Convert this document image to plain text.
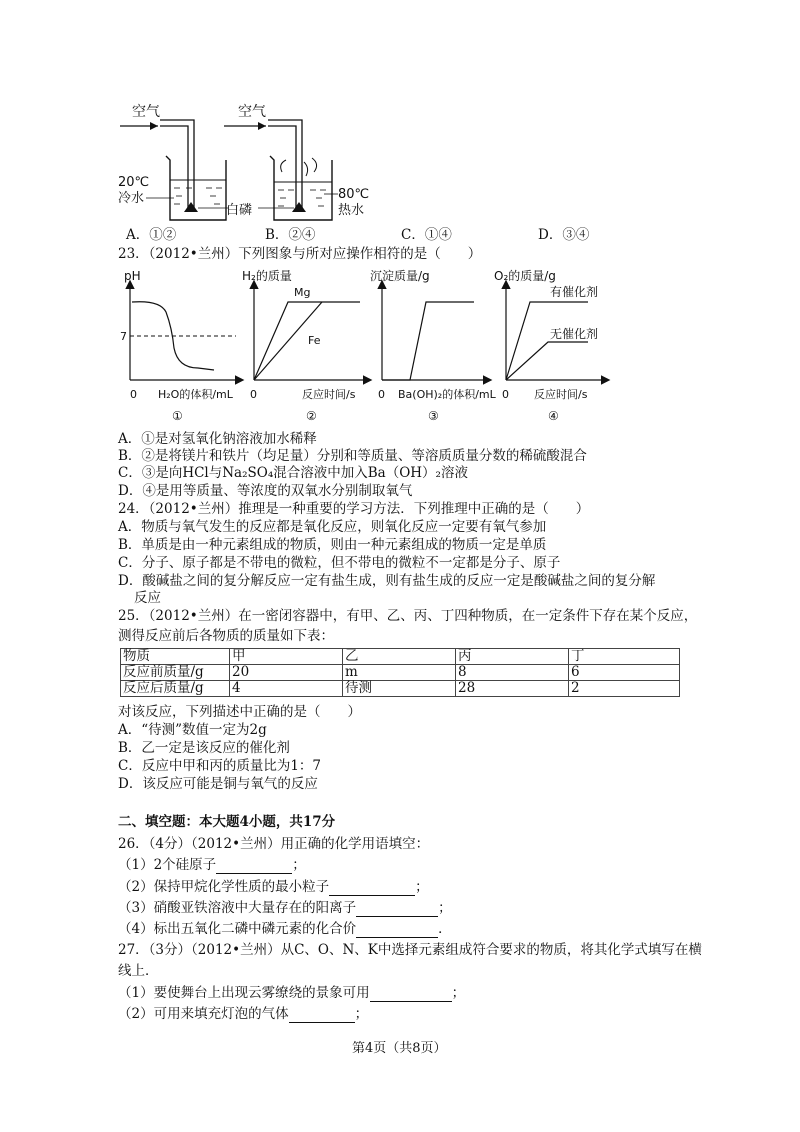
空气
20℃
冷水
空气
白磷
80℃
热水
A．①②	B．②④	C．①④	D．③④
23．（2012•兰州）下列图象与所对应操作相符的是（　　）
pH
7
0 H₂O的体积/mL
①
H₂的质量
Mg
Fe
0	反应时间/s
②
沉淀质量/g
0 Ba(OH)₂的体积/mL
③
O₂的质量/g
有催化剂
无催化剂
0 反应时间/s
④
A．①是对氢氧化钠溶液加水稀释
B．②是将镁片和铁片（均足量）分别和等质量、等溶质质量分数的稀硫酸混合
C．③是向HCl与Na₂SO₄混合溶液中加入Ba（OH）₂溶液
D．④是用等质量、等浓度的双氧水分别制取氧气
24．（2012•兰州）推理是一种重要的学习方法．下列推理中正确的是（　　）
A．物质与氧气发生的反应都是氧化反应，则氧化反应一定要有氧气参加
B．单质是由一种元素组成的物质，则由一种元素组成的物质一定是单质
C．分子、原子都是不带电的微粒，但不带电的微粒不一定都是分子、原子
D．酸碱盐之间的复分解反应一定有盐生成，则有盐生成的反应一定是酸碱盐之间的复分解
反应
25．（2012•兰州）在一密闭容器中，有甲、乙、丙、丁四种物质，在一定条件下存在某个反应，
测得反应前后各物质的质量如下表：
物质	甲	乙	丙	丁
反应前质量/g	20	m	8	6
反应后质量/g	4	待测	28	2
对该反应，下列描述中正确的是（　　）
A．“待测”数值一定为2g
B．乙一定是该反应的催化剂
C．反应中甲和丙的质量比为1：7
D．该反应可能是铜与氧气的反应
二、填空题：本大题4小题，共17分
26．（4分）（2012•兰州）用正确的化学用语填空：
（1）2个硅原子	；
（2）保持甲烷化学性质的最小粒子	；
（3）硝酸亚铁溶液中大量存在的阳离子	；
（4）标出五氧化二磷中磷元素的化合价	．
27．（3分）（2012•兰州）从C、O、N、K中选择元素组成符合要求的物质，将其化学式填写在横
线上．
（1）要使舞台上出现云雾缭绕的景象可用	；
（2）可用来填充灯泡的气体	；
第4页（共8页）
